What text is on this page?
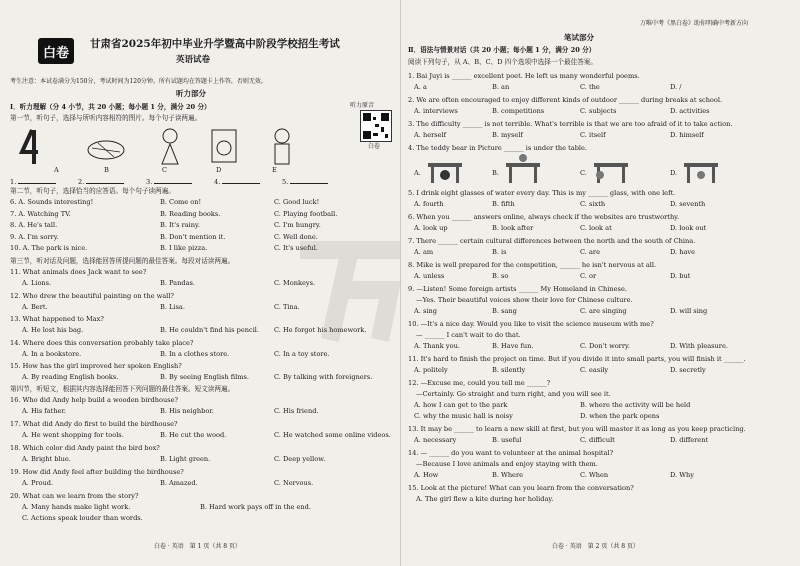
白卷
甘肃省2025年初中毕业升学暨高中阶段学校招生考试
英语试卷
考生注意：本试卷满分为150分，考试时间为120分钟。所有试题均在答题卡上作答，否则无效。
听力部分
Ⅰ．听力理解（分 4 小节，共 20 小题；每小题 1 分，满分 20 分）	听力原音
白卷
第一节，听句子，选择与所听内容相符的图片。每个句子读两遍。
A	B	C	D	E
1.	2.	3.	4.	5.
第二节，听句子，选择恰当的应答语。每个句子读两遍。
第三节，听对话及问题，选择能回答所提问题的最佳答案。每段对话读两遍。
第四节，听短文，根据其内容选择能回答下列问题的最佳答案。短文读两遍。
20. What can we learn from the story?
A. Many hands make light work.	B. Hard work pays off in the end.
C. Actions speak louder than words.
白卷 · 英语　第 1 页（共 8 页）
6. A. Sounds interesting!	B. Come on!	C. Good luck!
7. A. Watching TV.	B. Reading books.	C. Playing football.
8. A. He's tall.	B. It's rainy.	C. I'm hungry.
9. A. I'm sorry.	B. Don't mention it.	C. Well done.
10. A. The park is nice.	B. I like pizza.	C. It's useful.
11. What animals does Jack want to see?
A. Lions.	B. Pandas.	C. Monkeys.
12. Who drew the beautiful painting on the wall?
A. Bert.	B. Lisa.	C. Tina.
13. What happened to Max?
A. He lost his bag.	B. He couldn't find his pencil. C. He forgot his homework.
14. Where does this conversation probably take place?
A. In a bookstore.	B. In a clothes store.	C. In a toy store.
15. How has the girl improved her spoken English?
A. By reading English books.	B. By seeing English films.	C. By talking with foreigners.
16. Who did Andy help build a wooden birdhouse?
A. His father.	B. His neighbor.	C. His friend.
17. What did Andy do first to build the birdhouse?
A. He went shopping for tools.	B. He cut the wood.	C. He watched some online videos.
18. Which color did Andy paint the bird box?
A. Bright blue.	B. Light green.	C. Deep yellow.
19. How did Andy feel after building the birdhouse?
A. Proud.	B. Amazed.	C. Nervous.
万唯中考《黑白卷》助你明确中考新方向
笔试部分
Ⅱ．语法与情景对话（共 20 小题；每小题 1 分，满分 20 分）
阅读下列句子，从 A、B、C、D 四个选项中选择一个最佳答案。
白卷 · 英语　第 2 页（共 8 页）
1. Bai Juyi is ______ excellent poet. He left us many wonderful poems.
A. a	B. an	C. the	D. /
2. We are often encouraged to enjoy different kinds of outdoor ______ during breaks at school.
A. interviews	B. competitions	C. subjects	D. activities
3. The difficulty ______ is not terrible. What's terrible is that we are too afraid of it to take action.
A. herself	B. myself	C. itself	D. himself
4. The teddy bear in Picture ______ is under the table.
A.	B.	C.	D.
5. I drink eight glasses of water every day. This is my ______ glass, with one left.
A. fourth	B. fifth	C. sixth	D. seventh
6. When you ______ answers online, always check if the websites are trustworthy.
A. look up	B. look after	C. look at	D. look out
7. There ______ certain cultural differences between the north and the south of China.
A. am	B. is	C. are	D. have
8. Mike is well prepared for the competition, ______ he isn't nervous at all.
A. unless	B. so	C. or	D. but
9. —Listen! Some foreign artists ______ My Homeland in Chinese.
—Yes. Their beautiful voices show their love for Chinese culture.
A. sing	B. sang	C. are singing	D. will sing
10. —It's a nice day. Would you like to visit the science museum with me?
— ______ I can't wait to do that.
A. Thank you.	B. Have fun.	C. Don't worry.	D. With pleasure.
11. It's hard to finish the project on time. But if you divide it into small parts, you will finish it ______.
A. politely	B. silently	C. easily	D. secretly
12. —Excuse me, could you tell me ______?
—Certainly. Go straight and turn right, and you will see it.
A. how I can get to the park	B. where the activity will be held
C. why the music hall is noisy	D. when the park opens
13. It may be ______ to learn a new skill at first, but you will master it as long as you keep practicing.
A. necessary	B. useful	C. difficult	D. different
14. — ______ do you want to volunteer at the animal hospital?
—Because I love animals and enjoy staying with them.
A. How	B. Where	C. When	D. Why
15. Look at the picture! What can you learn from the conversation?
A. The girl flew a kite during her holiday.
